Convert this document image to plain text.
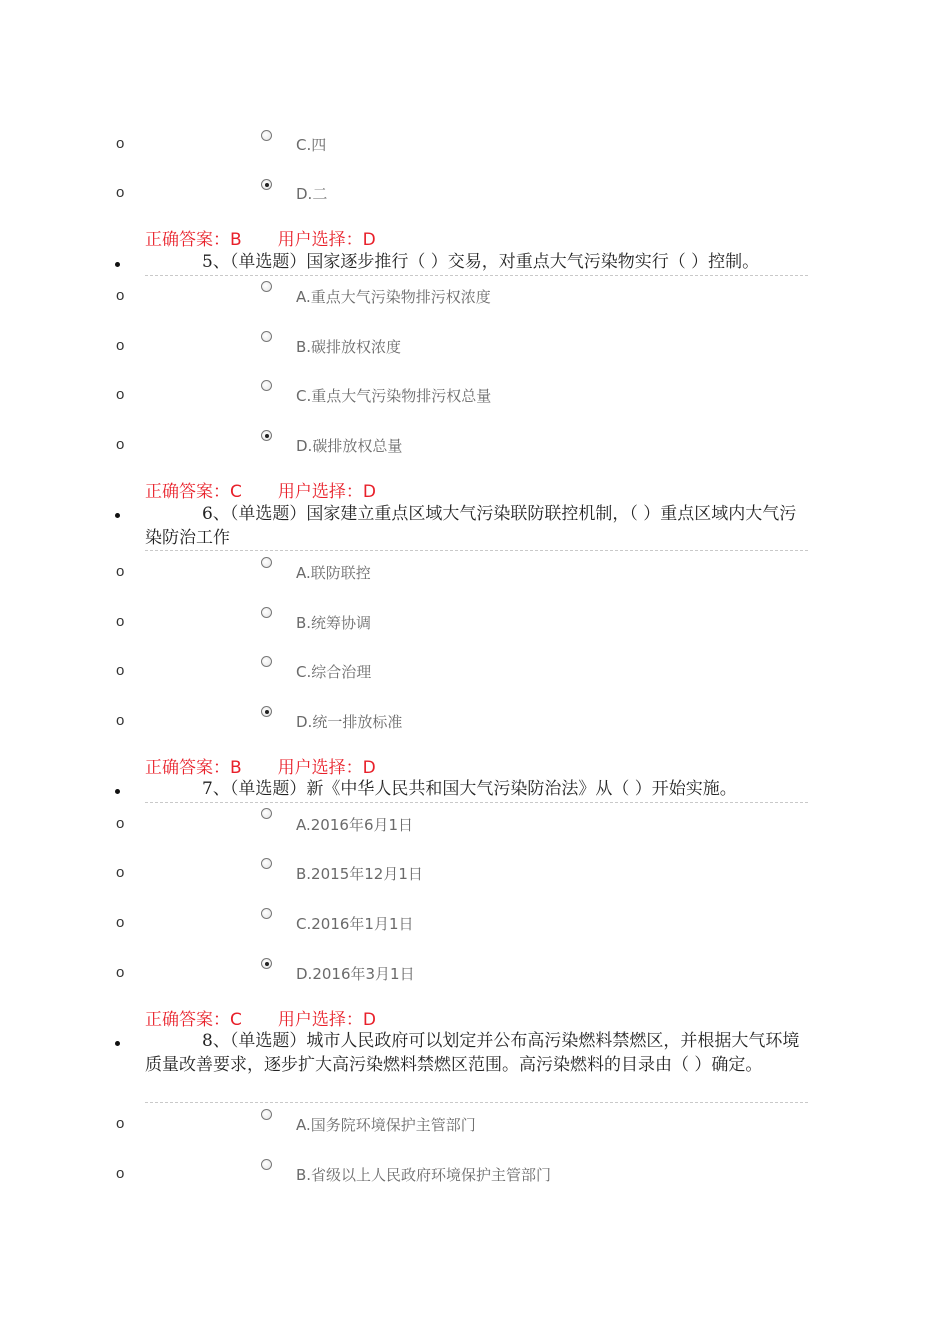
o	C.四
o	D.二
正确答案：B 用户选择：D
5、（单选题）国家逐步推行（ ）交易，对重点大气污染物实行（ ）控制。
o	A.重点大气污染物排污权浓度
o	B.碳排放权浓度
o	C.重点大气污染物排污权总量
o	D.碳排放权总量
正确答案：C 用户选择：D
6、（单选题）国家建立重点区域大气污染联防联控机制，（ ）重点区域内大气污染防治工作
o	A.联防联控
o	B.统筹协调
o	C.综合治理
o	D.统一排放标准
正确答案：B 用户选择：D
7、（单选题）新《中华人民共和国大气污染防治法》从（ ）开始实施。
o	A.2016年6月1日
o	B.2015年12月1日
o	C.2016年1月1日
o	D.2016年3月1日
正确答案：C 用户选择：D
8、（单选题）城市人民政府可以划定并公布高污染燃料禁燃区，并根据大气环境质量改善要求，逐步扩大高污染燃料禁燃区范围。高污染燃料的目录由（ ）确定。
o	A.国务院环境保护主管部门
o	B.省级以上人民政府环境保护主管部门
